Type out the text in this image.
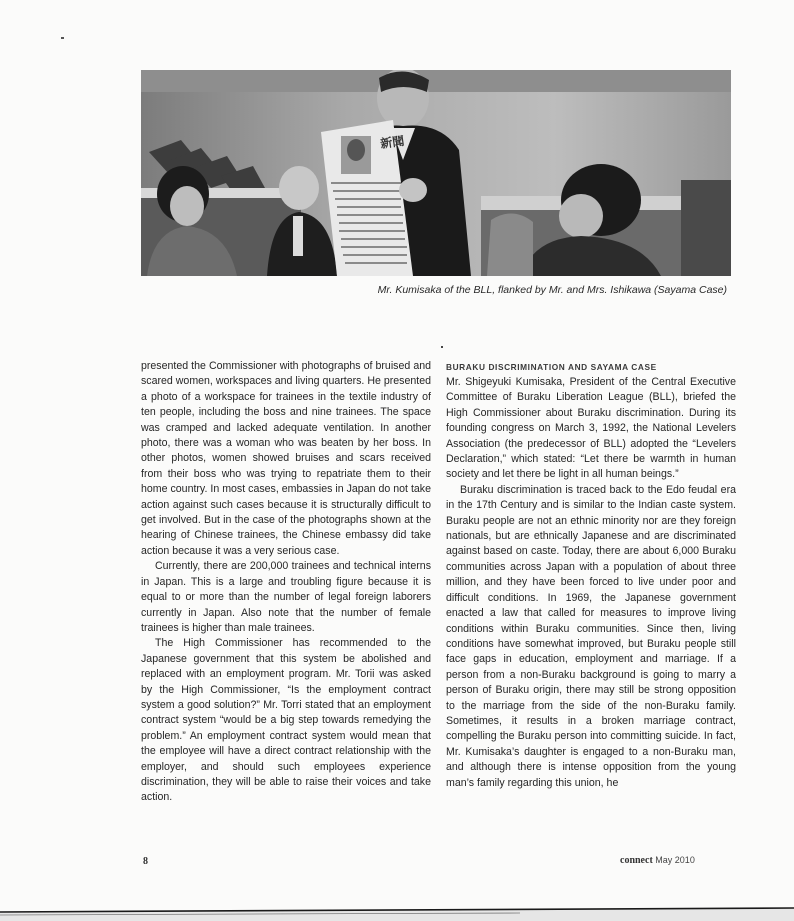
新聞
Mr. Kumisaka of the BLL, flanked by Mr. and Mrs. Ishikawa (Sayama Case)

presented the Commissioner with photographs of bruised and scared women, workspaces and living quarters. He presented a photo of a workspace for trainees in the textile industry of ten people, including the boss and nine trainees. The space was cramped and lacked adequate ventilation. In another photo, there was a woman who was beaten by her boss. In other photos, women showed bruises and scars received from their boss who was trying to repatriate them to their home country. In most cases, embassies in Japan do not take action against such cases because it is structurally difficult to get involved. But in the case of the photographs shown at the hearing of Chinese trainees, the Chinese embassy did take action because it was a very serious case.

Currently, there are 200,000 trainees and technical interns in Japan. This is a large and troubling figure because it is equal to or more than the number of legal foreign laborers currently in Japan. Also note that the number of female trainees is higher than male trainees.

The High Commissioner has recommended to the Japanese government that this system be abolished and replaced with an employment program. Mr. Torii was asked by the High Commissioner, “Is the employment contract system a good solution?” Mr. Torri stated that an employment contract system “would be a big step towards remedying the problem.” An employment contract system would mean that the employee will have a direct contract relationship with the employer, and should such employees experience discrimination, they will be able to raise their voices and take action.

BURAKU DISCRIMINATION AND SAYAMA CASE

Mr. Shigeyuki Kumisaka, President of the Central Executive Committee of Buraku Liberation League (BLL), briefed the High Commissioner about Buraku discrimination. During its founding congress on March 3, 1992, the National Levelers Association (the predecessor of BLL) adopted the “Levelers Declaration,” which stated: “Let there be warmth in human society and let there be light in all human beings.”

Buraku discrimination is traced back to the Edo feudal era in the 17th Century and is similar to the Indian caste system. Buraku people are not an ethnic minority nor are they foreign nationals, but are ethnically Japanese and are discriminated against based on caste. Today, there are about 6,000 Buraku communities across Japan with a population of about three million, and they have been forced to live under poor and difficult conditions. In 1969, the Japanese government enacted a law that called for measures to improve living conditions within Buraku communities. Since then, living conditions have somewhat improved, but Buraku people still face gaps in education, employment and marriage. If a person from a non-Buraku background is going to marry a person of Buraku origin, there may still be strong opposition to the marriage from the side of the non-Buraku family. Sometimes, it results in a broken marriage contract, compelling the Buraku person into committing suicide. In fact, Mr. Kumisaka’s daughter is engaged to a non-Buraku man, and although there is intense opposition from the young man’s family regarding this union, he

8	connect May 2010
